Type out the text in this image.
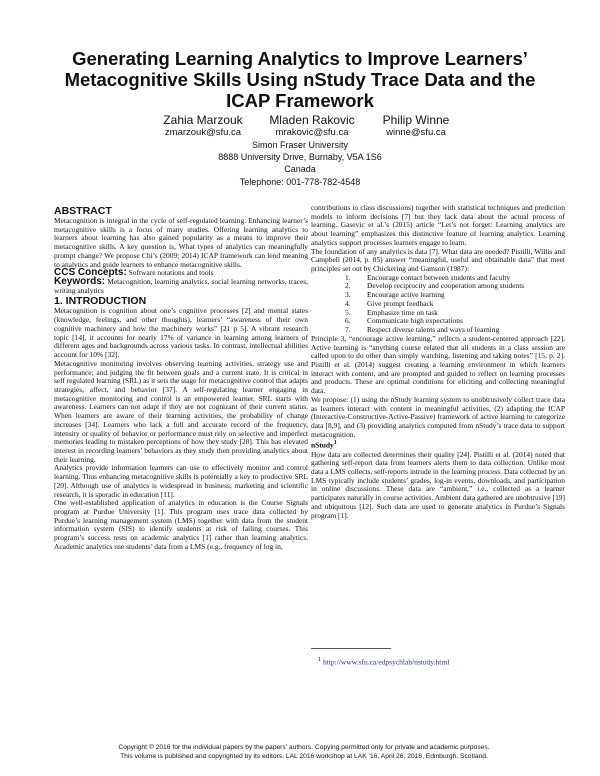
Generating Learning Analytics to Improve Learners’ Metacognitive Skills Using nStudy Trace Data and the ICAP Framework
Zahia Marzouk
zmarzouk@sfu.ca
Mladen Rakovic
mrakovic@sfu.ca
Philip Winne
winne@sfu.ca
Simon Fraser University
8888 University Drive, Burnaby, V5A 1S6
Canada
Telephone: 001-778-782-4548
ABSTRACT

Metacognition is integral in the cycle of self-regulated learning. Enhancing learner’s metacognitive skills is a focus of many studies. Offering learning analytics to learners about learning has also gained popularity as a means to improve their metacognitive skills. A key question is, What types of analytics can meaningfully prompt change? We propose Chi’s (2009; 2014) ICAP framework can lend meaning to analytics and guide learners to enhance metacognitive skills.

CCS Concepts: Software notations and tools

Keywords: Metacognition, learning analytics, social learning networks, traces, writing analytics

1. INTRODUCTION

Metacognition is cognition about one’s cognitive processes [2] and mental states (knowledge, feelings, and other thoughts), learners’ “awareness of their own cognitive machinery and how the machinery works” [21 p 5]. A vibrant research topic [14], it accounts for nearly 17% of variance in learning among learners of different ages and backgrounds across various tasks. In contrast, intellectual abilities account for 10% [32].

Metacognitive monitoring involves observing learning activities, strategy use and performance; and judging the fit between goals and a current state. It is critical in self regulated learning (SRL) as it sets the stage for metacognitive control that adapts strategies, affect, and behavior [37]. A self-regulating learner engaging in metacognitive monitoring and control is an empowered learner. SRL starts with awareness. Learners can not adapt if they are not cognizant of their current status. When learners are aware of their learning activities, the probability of change increases [34]. Learners who lack a full and accurate record of the frequency, intensity or quality of behavior or performance must rely on selective and imperfect memories leading to mistaken perceptions of how they study [28]. This has elevated interest in recording learners’ behaviors as they study then providing analytics about their learning.

Analytics provide information learners can use to effectively monitor and control learning. Thus enhancing metacognitive skills is potentially a key to productive SRL [20]. Although use of analytics is widespread in business, marketing and scientific research, it is sporadic in education [11].

One well-established application of analytics in education is the Course Signals program at Purdue University [1]. This program uses trace data collected by Purdue’s learning management system (LMS) together with data from the student information system (SIS) to identify students at risk of failing courses. This program’s success rests on academic analytics [1] rather than learning analytics. Academic analytics use students’ data from a LMS (e.g., frequency of log in,

contributions to class discussions) together with statistical techniques and prediction models to inform decisions [7] but they lack data about the actual process of learning. Gasevic et al.’s (2015) article “Let’s not forget: Learning analytics are about learning” emphasizes this distinctive feature of learning analytics. Learning analytics support processes learners engage to learn.

The foundation of any analytics is data [7]. What data are needed? Pistilli, Willis and Campbell (2014, p. 85) answer “meaningful, useful and obtainable data” that meet principles set out by Chickering and Gamson (1987):

1. Encourage contact between students and faculty
2. Develop reciprocity and cooperation among students
3. Encourage active learning
4. Give prompt feedback
5. Emphasize time on task
6. Communicate high expectations
7. Respect diverse talents and ways of learning

Principle 3, “encourage active learning,” reflects a student-centered approach [22]. Active learning is “anything course related that all students in a class session are called upon to do other than simply watching, listening and taking notes” [15, p. 2]. Pistilli et al. (2014) suggest creating a learning environment in which learners interact with content, and are prompted and guided to reflect on learning processes and products. These are optimal conditions for eliciting and collecting meaningful data.

We propose: (1) using the nStudy learning system to unobtrusively collect trace data as learners interact with content in meaningful activities, (2) adapting the ICAP (Interactive-Constructive-Active-Passive) framework of active learning to categorize data [8,9], and (3) providing analytics computed from nStudy’s trace data to support metacognition.

nStudy$^1$

How data are collected determines their quality [24]. Pistilli et al. (2014) noted that gathering self-report data from learners alerts them to data collection. Unlike most data a LMS collects, self-reports intrude in the learning process. Data collected by an LMS typically include students’ grades, log-in events, downloads, and participation in online discussions. These data are “ambient,” i.e., collected as a learner participates naturally in course activities. Ambient data gathered are unobtrusive [19] and ubiquitous [12]. Such data are used to generate analytics in Purdue’s Signals program [1].

$^1$ http://www.sfu.ca/edpsychlab/nstudy.html
Copyright © 2016 for the individual papers by the papers' authors. Copying permitted only for private and academic purposes.
This volume is published and copyrighted by its editors. LAL 2016 workshop at LAK ’16, April 26, 2016, Edinburgh, Scotland.
